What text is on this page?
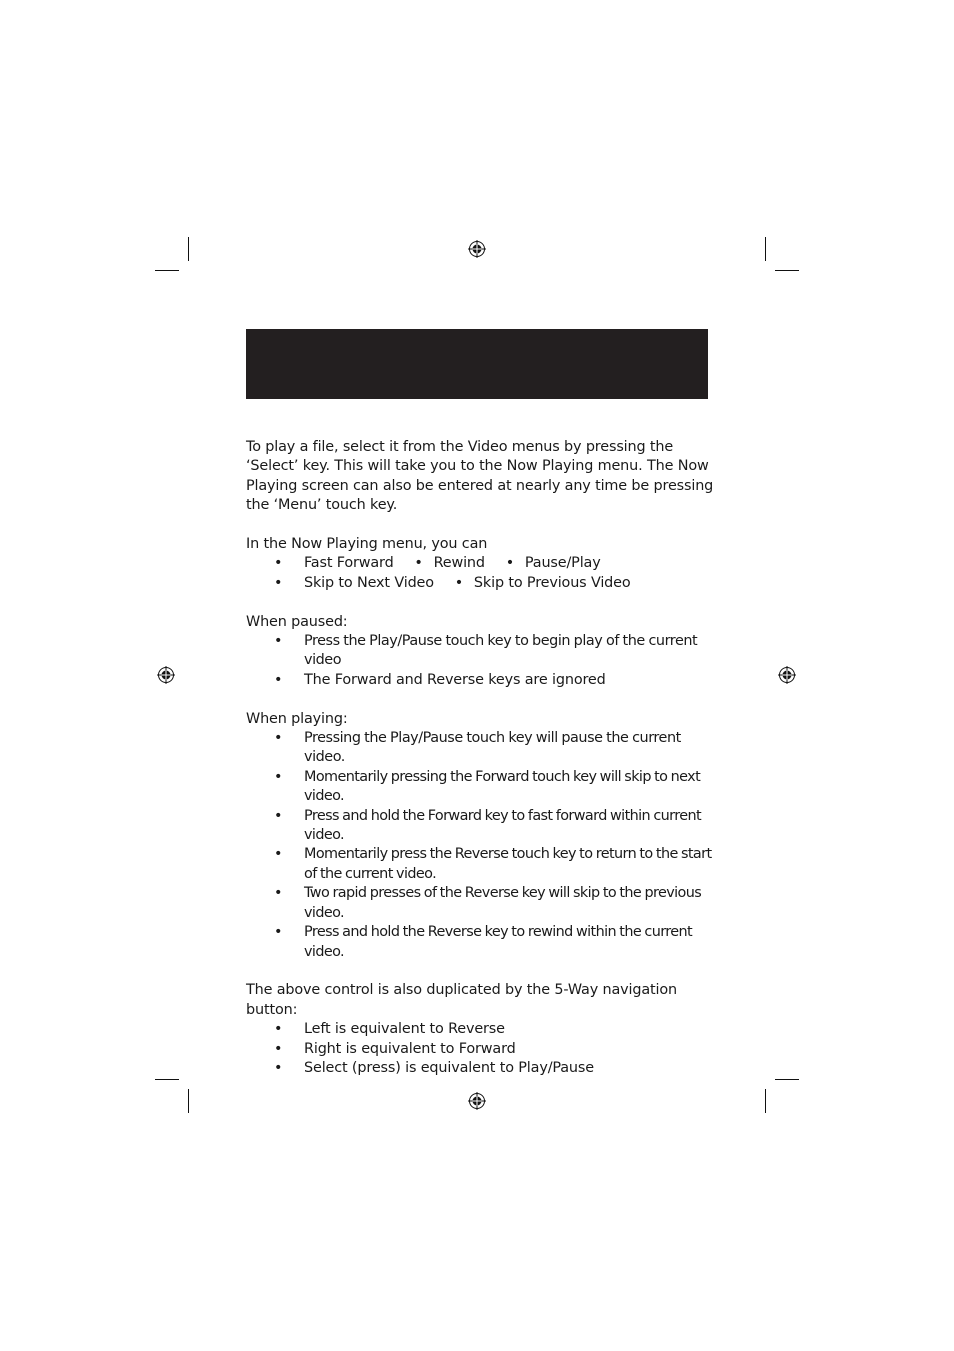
To play a file, select it from the Video menus by pressing the ‘Select’ key. This will take you to the Now Playing menu. The Now Playing screen can also be entered at nearly any time be pressing the ‘Menu’ touch key.

In the Now Playing menu, you can

• Fast Forward	• Rewind	• Pause/Play
• Skip to Next Video	• Skip to Previous Video

When paused:

• Press the Play/Pause touch key to begin play of the current video
• The Forward and Reverse keys are ignored

When playing:

• Pressing the Play/Pause touch key will pause the current video.
• Momentarily pressing the Forward touch key will skip to next video.
• Press and hold the Forward key to fast forward within current video.
• Momentarily press the Reverse touch key to return to the start of the current video.
• Two rapid presses of the Reverse key will skip to the previous video.
• Press and hold the Reverse key to rewind within the current video.

The above control is also duplicated by the 5-Way navigation button:

• Left is equivalent to Reverse
• Right is equivalent to Forward
• Select (press) is equivalent to Play/Pause
